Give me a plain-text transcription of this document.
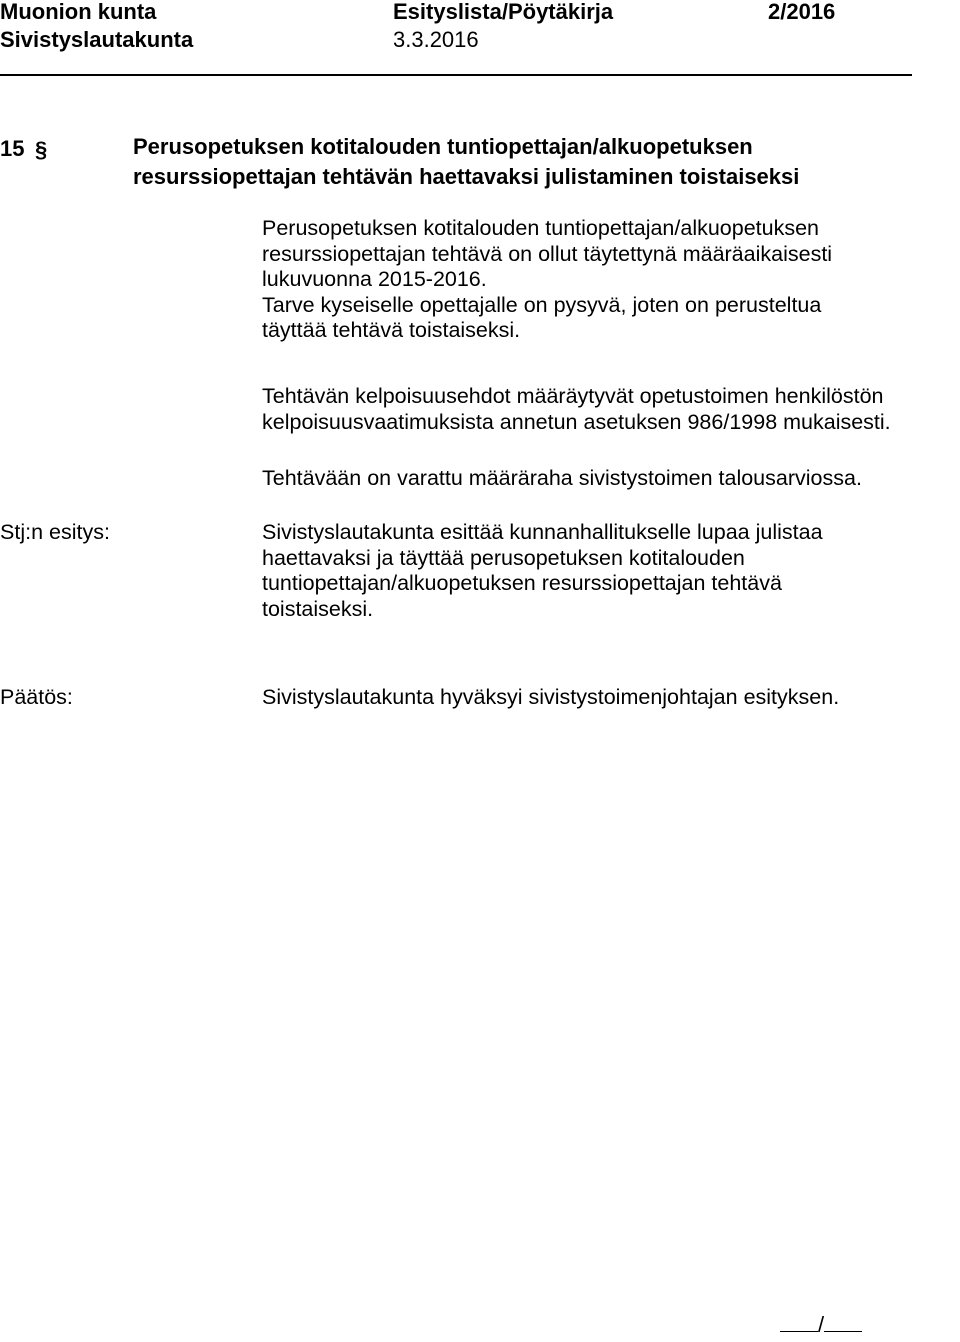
Muonion kunta	Esityslista/Pöytäkirja	2/2016
Sivistyslautakunta	3.3.2016
15 §	Perusopetuksen kotitalouden tuntiopettajan/alkuopetuksen
resurssiopettajan tehtävän haettavaksi julistaminen toistaiseksi
Perusopetuksen kotitalouden tuntiopettajan/alkuopetuksen
resurssiopettajan tehtävä on ollut täytettynä määräaikaisesti
lukuvuonna 2015-2016.
Tarve kyseiselle opettajalle on pysyvä, joten on perusteltua
täyttää tehtävä toistaiseksi.
Tehtävän kelpoisuusehdot määräytyvät opetustoimen henkilöstön
kelpoisuusvaatimuksista annetun asetuksen 986/1998 mukaisesti.
Tehtävään on varattu määräraha sivistystoimen talousarviossa.
Stj:n esitys:	Sivistyslautakunta esittää kunnanhallitukselle lupaa julistaa
haettavaksi ja täyttää perusopetuksen kotitalouden
tuntiopettajan/alkuopetuksen resurssiopettajan tehtävä
toistaiseksi.
Päätös:	Sivistyslautakunta hyväksyi sivistystoimenjohtajan esityksen.
/
